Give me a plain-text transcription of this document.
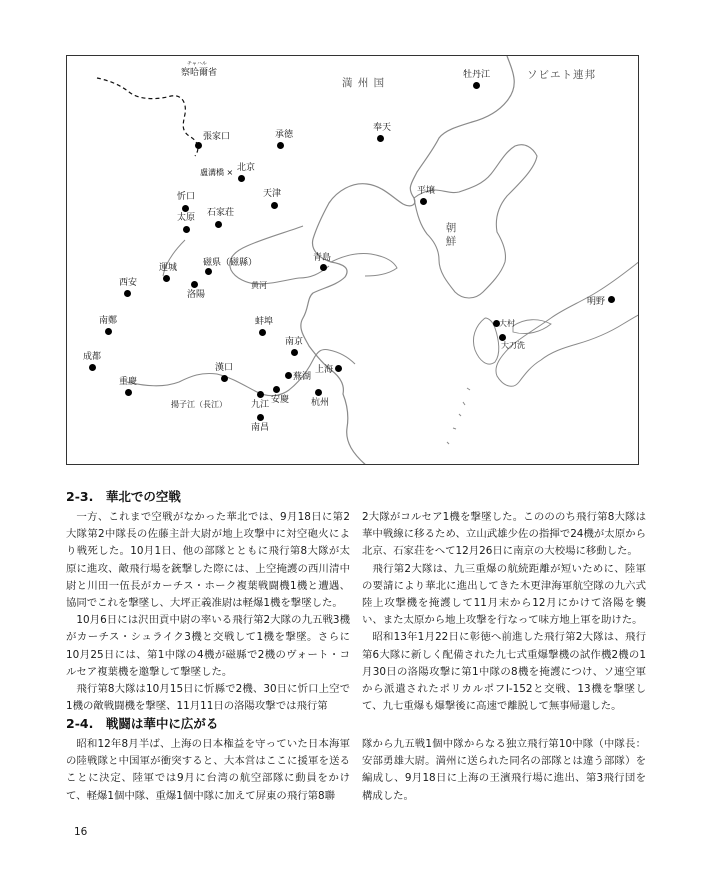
満 州 国
ソビエト連邦
朝鮮
チャハル
察哈爾省	牡丹江
奉天
張家口	承徳
盧溝橋 × 北京
忻口	天津	平壌
太原 石家荘
運城	磁県（磁縣）	青島
黄河
西安
洛陽
明野
南鄭	蚌埠	大村
大刀洗
南京
成都
漢口	上海
蕪湖
重慶
安慶
揚子江（長江）	九江	杭州
南昌
2-3.　華北での空戦

一方、これまで空戦がなかった華北では、9月18日に第2大隊第2中隊長の佐藤主計大尉が地上攻撃中に対空砲火により戦死した。10月1日、他の部隊とともに飛行第8大隊が太原に進攻、敵飛行場を銃撃した際には、上空掩護の西川清中尉と川田一伍長がカーチス・ホーク複葉戦闘機1機と遭遇、協同でこれを撃墜し、大坪正義准尉は軽爆1機を撃墜した。

10月6日には沢田貢中尉の率いる飛行第2大隊の九五戦3機がカーチス・シュライク3機と交戦して1機を撃墜。さらに10月25日には、第1中隊の4機が磁縣で2機のヴォート・コルセア複葉機を邀撃して撃墜した。

飛行第8大隊は10月15日に忻縣で2機、30日に忻口上空で1機の敵戦闘機を撃墜、11月11日の洛陽攻撃では飛行第

2大隊がコルセア1機を撃墜した。このののち飛行第8大隊は華中戦線に移るため、立山武雄少佐の指揮で24機が太原から北京、石家荘をへて12月26日に南京の大校場に移動した。

飛行第2大隊は、九三重爆の航続距離が短いために、陸軍の要請により華北に進出してきた木更津海軍航空隊の九六式陸上攻撃機を掩護して11月末から12月にかけて洛陽を襲い、また太原から地上攻撃を行なって味方地上軍を助けた。

昭和13年1月22日に彰徳へ前進した飛行第2大隊は、飛行第6大隊に新しく配備された九七式重爆撃機の試作機2機の1月30日の洛陽攻撃に第1中隊の8機を掩護につけ、ソ連空軍から派遣されたポリカルポフI-152と交戦、13機を撃墜して、九七重爆も爆撃後に高速で離脱して無事帰還した。

2-4.　戦闘は華中に広がる

昭和12年8月半ば、上海の日本権益を守っていた日本海軍の陸戦隊と中国軍が衝突すると、大本営はここに援軍を送ることに決定、陸軍では9月に台湾の航空部隊に動員をかけて、軽爆1個中隊、重爆1個中隊に加えて屏東の飛行第8聯

隊から九五戦1個中隊からなる独立飛行第10中隊（中隊長：安部勇雄大尉。満州に送られた同名の部隊とは違う部隊）を編成し、9月18日に上海の王濱飛行場に進出、第3飛行団を構成した。

16
